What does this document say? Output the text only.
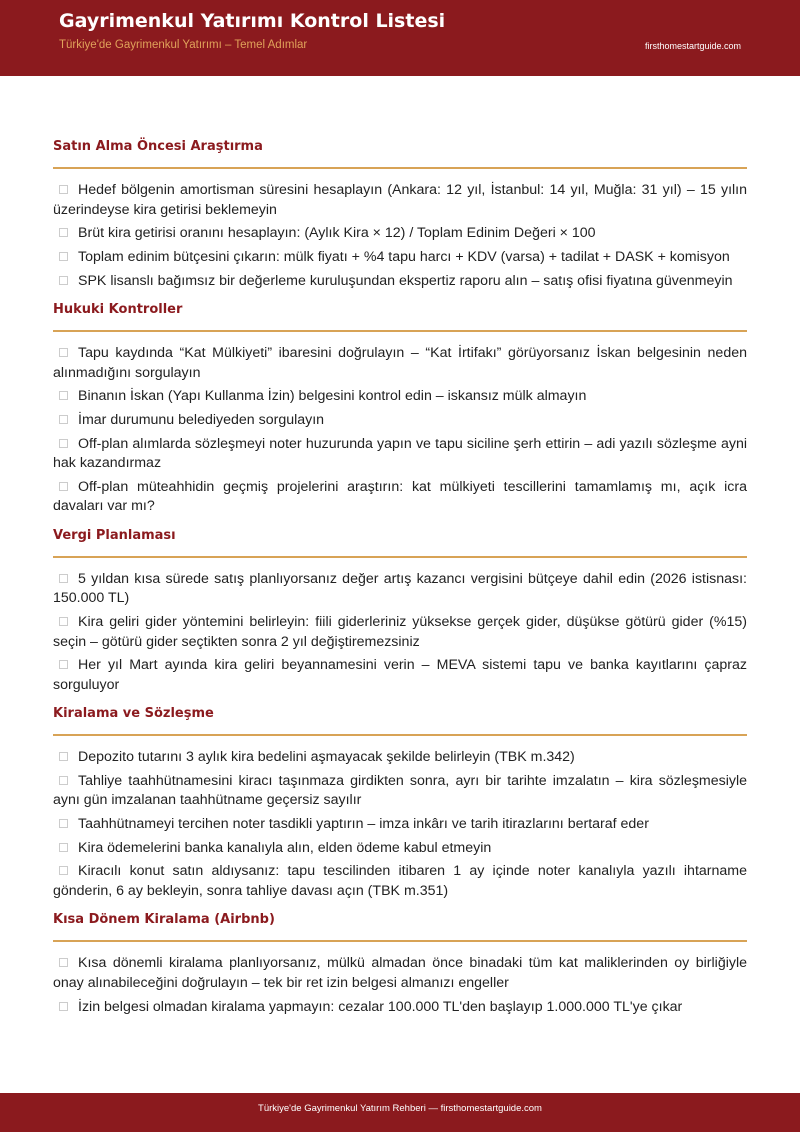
Gayrimenkul Yatırımı Kontrol Listesi
Türkiye'de Gayrimenkul Yatırımı – Temel Adımlar	firsthomestartguide.com
Satın Alma Öncesi Araştırma
Hedef bölgenin amortisman süresini hesaplayın (Ankara: 12 yıl, İstanbul: 14 yıl, Muğla: 31 yıl) – 15 yılın üzerindeyse kira getirisi beklemeyin
Brüt kira getirisi oranını hesaplayın: (Aylık Kira × 12) / Toplam Edinim Değeri × 100
Toplam edinim bütçesini çıkarın: mülk fiyatı + %4 tapu harcı + KDV (varsa) + tadilat + DASK + komisyon
SPK lisanslı bağımsız bir değerleme kuruluşundan ekspertiz raporu alın – satış ofisi fiyatına güvenmeyin
Hukuki Kontroller
Tapu kaydında “Kat Mülkiyeti” ibaresini doğrulayın – “Kat İrtifakı” görüyorsanız İskan belgesinin neden alınmadığını sorgulayın
Binanın İskan (Yapı Kullanma İzin) belgesini kontrol edin – iskansız mülk almayın
İmar durumunu belediyeden sorgulayın
Off-plan alımlarda sözleşmeyi noter huzurunda yapın ve tapu siciline şerh ettirin – adi yazılı sözleşme ayni hak kazandırmaz
Off-plan müteahhidin geçmiş projelerini araştırın: kat mülkiyeti tescillerini tamamlamış mı, açık icra davaları var mı?
Vergi Planlaması
5 yıldan kısa sürede satış planlıyorsanız değer artış kazancı vergisini bütçeye dahil edin (2026 istisnası: 150.000 TL)
Kira geliri gider yöntemini belirleyin: fiili giderleriniz yüksekse gerçek gider, düşükse götürü gider (%15) seçin – götürü gider seçtikten sonra 2 yıl değiştiremezsiniz
Her yıl Mart ayında kira geliri beyannamesini verin – MEVA sistemi tapu ve banka kayıtlarını çapraz sorguluyor
Kiralama ve Sözleşme
Depozito tutarını 3 aylık kira bedelini aşmayacak şekilde belirleyin (TBK m.342)
Tahliye taahhütnamesini kiracı taşınmaza girdikten sonra, ayrı bir tarihte imzalatın – kira sözleşmesiyle aynı gün imzalanan taahhütname geçersiz sayılır
Taahhütnameyi tercihen noter tasdikli yaptırın – imza inkârı ve tarih itirazlarını bertaraf eder
Kira ödemelerini banka kanalıyla alın, elden ödeme kabul etmeyin
Kiracılı konut satın aldıysanız: tapu tescilinden itibaren 1 ay içinde noter kanalıyla yazılı ihtarname gönderin, 6 ay bekleyin, sonra tahliye davası açın (TBK m.351)
Kısa Dönem Kiralama (Airbnb)
Kısa dönemli kiralama planlıyorsanız, mülkü almadan önce binadaki tüm kat maliklerinden oy birliğiyle onay alınabileceğini doğrulayın – tek bir ret izin belgesi almanızı engeller
İzin belgesi olmadan kiralama yapmayın: cezalar 100.000 TL'den başlayıp 1.000.000 TL'ye çıkar
Türkiye'de Gayrimenkul Yatırım Rehberi — firsthomestartguide.com
